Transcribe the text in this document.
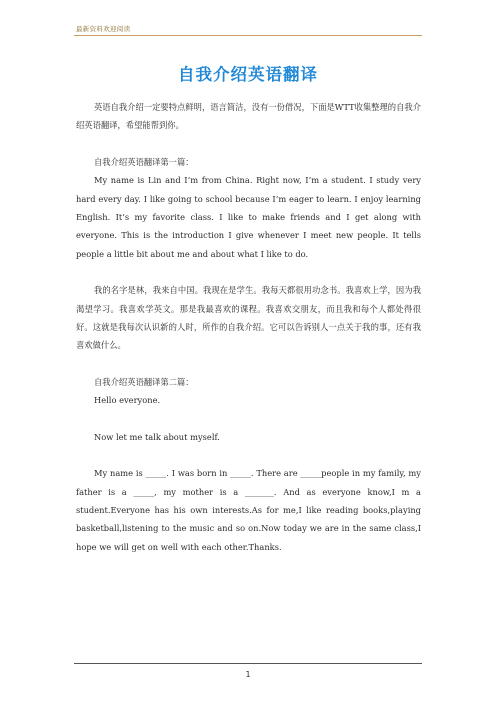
最新资料欢迎阅读
自我介绍英语翻译

英语自我介绍一定要特点鲜明，语言简洁，没有一份借况，下面是WTT收集整理的自我介绍英语翻译，希望能帮到你。

自我介绍英语翻译第一篇：

My name is Lin and I’m from China. Right now, I’m a student. I study very hard every day. I like going to school because I’m eager to learn. I enjoy learning English. It’s my favorite class. I like to make friends and I get along with everyone. This is the introduction I give whenever I meet new people. It tells people a little bit about me and about what I like to do.

我的名字是林，我来自中国。我现在是学生。我每天都很用功念书。我喜欢上学，因为我渴望学习。我喜欢学英文。那是我最喜欢的课程。我喜欢交朋友，而且我和每个人都处得很好。这就是我每次认识新的人时，所作的自我介绍。它可以告诉别人一点关于我的事，还有我喜欢做什么。

自我介绍英语翻译第二篇：

Hello everyone.

Now let me talk about myself.

My name is _____. I was born in _____. There are _____people in my family, my father is a _____, my mother is a _______. And as everyone know,I m a student.Everyone has his own interests.As for me,I like reading books,playing basketball,listening to the music and so on.Now today we are in the same class,I hope we will get on well with each other.Thanks.

1
